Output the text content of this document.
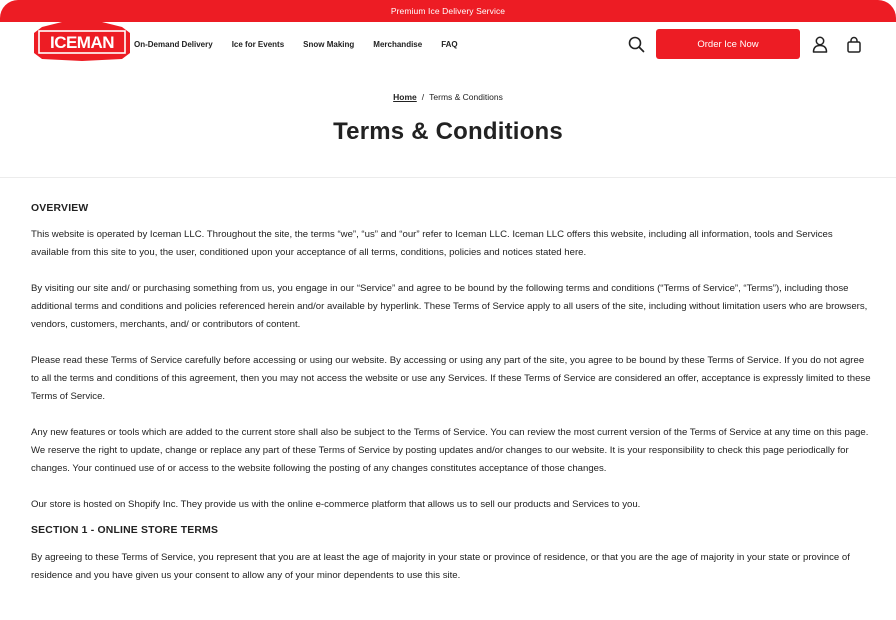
Premium Ice Delivery Service
ICEMAN On-Demand Delivery Ice for Events Snow Making Merchandise FAQ	Order Ice Now
Home / Terms & Conditions
Terms & Conditions
OVERVIEW

This website is operated by Iceman LLC. Throughout the site, the terms “we”, “us” and “our” refer to Iceman LLC. Iceman LLC offers this website, including all information, tools and Services available from this site to you, the user, conditioned upon your acceptance of all terms, conditions, policies and notices stated here.

By visiting our site and/ or purchasing something from us, you engage in our “Service” and agree to be bound by the following terms and conditions (“Terms of Service”, “Terms”), including those additional terms and conditions and policies referenced herein and/or available by hyperlink. These Terms of Service apply to all users of the site, including without limitation users who are browsers, vendors, customers, merchants, and/ or contributors of content.

Please read these Terms of Service carefully before accessing or using our website. By accessing or using any part of the site, you agree to be bound by these Terms of Service. If you do not agree to all the terms and conditions of this agreement, then you may not access the website or use any Services. If these Terms of Service are considered an offer, acceptance is expressly limited to these Terms of Service.

Any new features or tools which are added to the current store shall also be subject to the Terms of Service. You can review the most current version of the Terms of Service at any time on this page. We reserve the right to update, change or replace any part of these Terms of Service by posting updates and/or changes to our website. It is your responsibility to check this page periodically for changes. Your continued use of or access to the website following the posting of any changes constitutes acceptance of those changes.

Our store is hosted on Shopify Inc. They provide us with the online e-commerce platform that allows us to sell our products and Services to you.

SECTION 1 - ONLINE STORE TERMS

By agreeing to these Terms of Service, you represent that you are at least the age of majority in your state or province of residence, or that you are the age of majority in your state or province of residence and you have given us your consent to allow any of your minor dependents to use this site.
